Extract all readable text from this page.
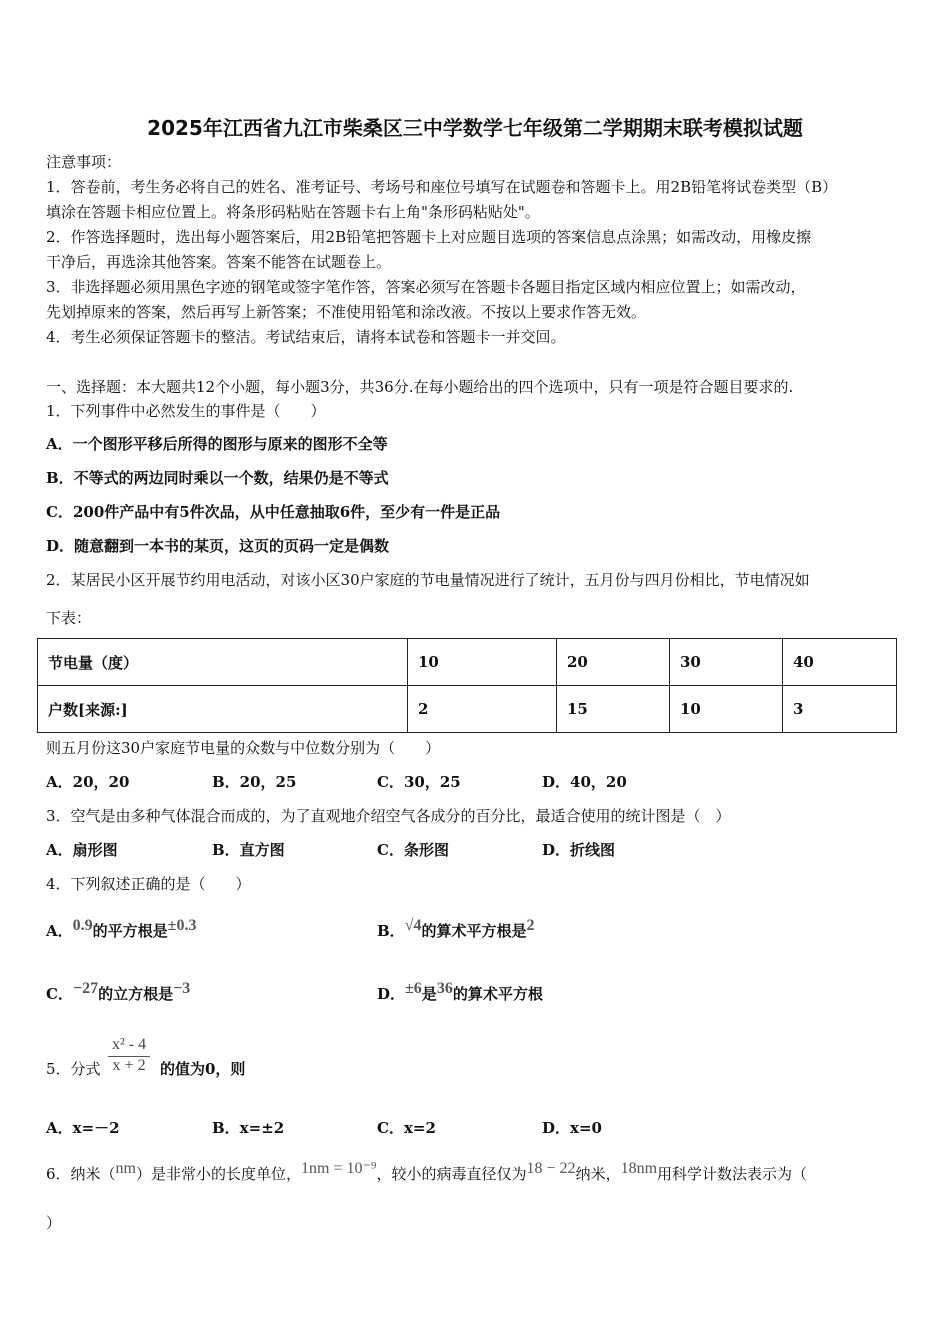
2025年江西省九江市柴桑区三中学数学七年级第二学期期末联考模拟试题
注意事项：
1．答卷前，考生务必将自己的姓名、准考证号、考场号和座位号填写在试题卷和答题卡上。用2B铅笔将试卷类型（B）
填涂在答题卡相应位置上。将条形码粘贴在答题卡右上角"条形码粘贴处"。
2．作答选择题时，选出每小题答案后，用2B铅笔把答题卡上对应题目选项的答案信息点涂黑；如需改动，用橡皮擦
干净后，再选涂其他答案。答案不能答在试题卷上。
3．非选择题必须用黑色字迹的钢笔或签字笔作答，答案必须写在答题卡各题目指定区域内相应位置上；如需改动，
先划掉原来的答案，然后再写上新答案；不准使用铅笔和涂改液。不按以上要求作答无效。
4．考生必须保证答题卡的整洁。考试结束后，请将本试卷和答题卡一并交回。
一、选择题：本大题共12个小题，每小题3分，共36分.在每小题给出的四个选项中，只有一项是符合题目要求的.
1．下列事件中必然发生的事件是（　　）
A．一个图形平移后所得的图形与原来的图形不全等
B．不等式的两边同时乘以一个数，结果仍是不等式
C．200件产品中有5件次品，从中任意抽取6件，至少有一件是正品
D．随意翻到一本书的某页，这页的页码一定是偶数
2．某居民小区开展节约用电活动，对该小区30户家庭的节电量情况进行了统计，五月份与四月份相比，节电情况如
下表：
节电量（度）	10	20	30	40
户数[来源:]	2	15	10	3
则五月份这30户家庭节电量的众数与中位数分别为（　　）
A．20，20	B．20，25	C．30，25	D．40，20
3．空气是由多种气体混合而成的，为了直观地介绍空气各成分的百分比，最适合使用的统计图是（　）
A．扇形图	B．直方图	C．条形图	D．折线图
4．下列叙述正确的是（　　）
A．0.9的平方根是±0.3	B．√4的算术平方根是2
C．−27的立方根是−3	D．±6是36的算术平方根
5．分式 $\frac{\text{x² - 4}}{x + 2}$ 的值为0，则
A．x=－2	B．x=±2	C．x=2	D．x=0
6．纳米（nm）是非常小的长度单位，1nm = 10⁻⁹，较小的病毒直径仅为18 − 22纳米，18nm用科学计数法表示为（
）
